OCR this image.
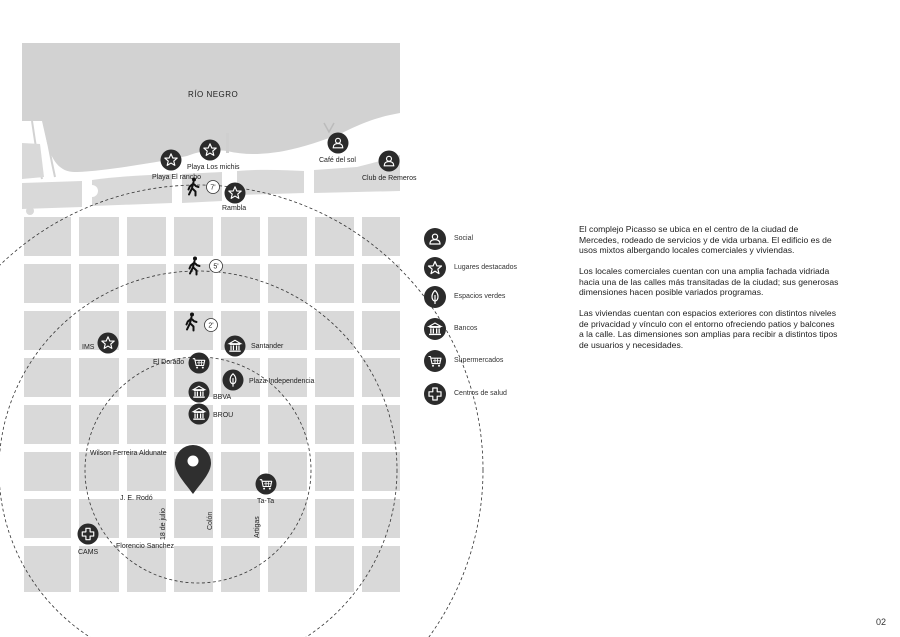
7'
5'
2'
RÍO NEGRO
Playa El rancho
Playa Los michis
Café del sol
Club de Remeros
Rambla
IMS
El Dorado
Santander
Plaza Independencia
BBVA
BROU
Ta-Ta
CAMS
Wilson Ferreira Aldunate
J. E. Rodó
Florencio Sanchez
18 de julio	Colón	Artigas
Social
Lugares destacados
Espacios verdes
Bancos
Supermercados
Centros de salud

El complejo Picasso se ubica en el centro de la ciudad de Mercedes, rodeado de servicios y de vida urbana. El edificio es de usos mixtos albergando locales comerciales y viviendas.

Los locales comerciales cuentan con una amplia fachada vidriada hacia una de las calles más transitadas de la ciudad; sus generosas dimensiones hacen posible variados programas.

Las viviendas cuentan con espacios exteriores con distintos niveles de privacidad y vínculo con el entorno ofreciendo patios y balcones a la calle. Las dimensiones son amplias para recibir a distintos tipos de usuarios y necesidades.

02
